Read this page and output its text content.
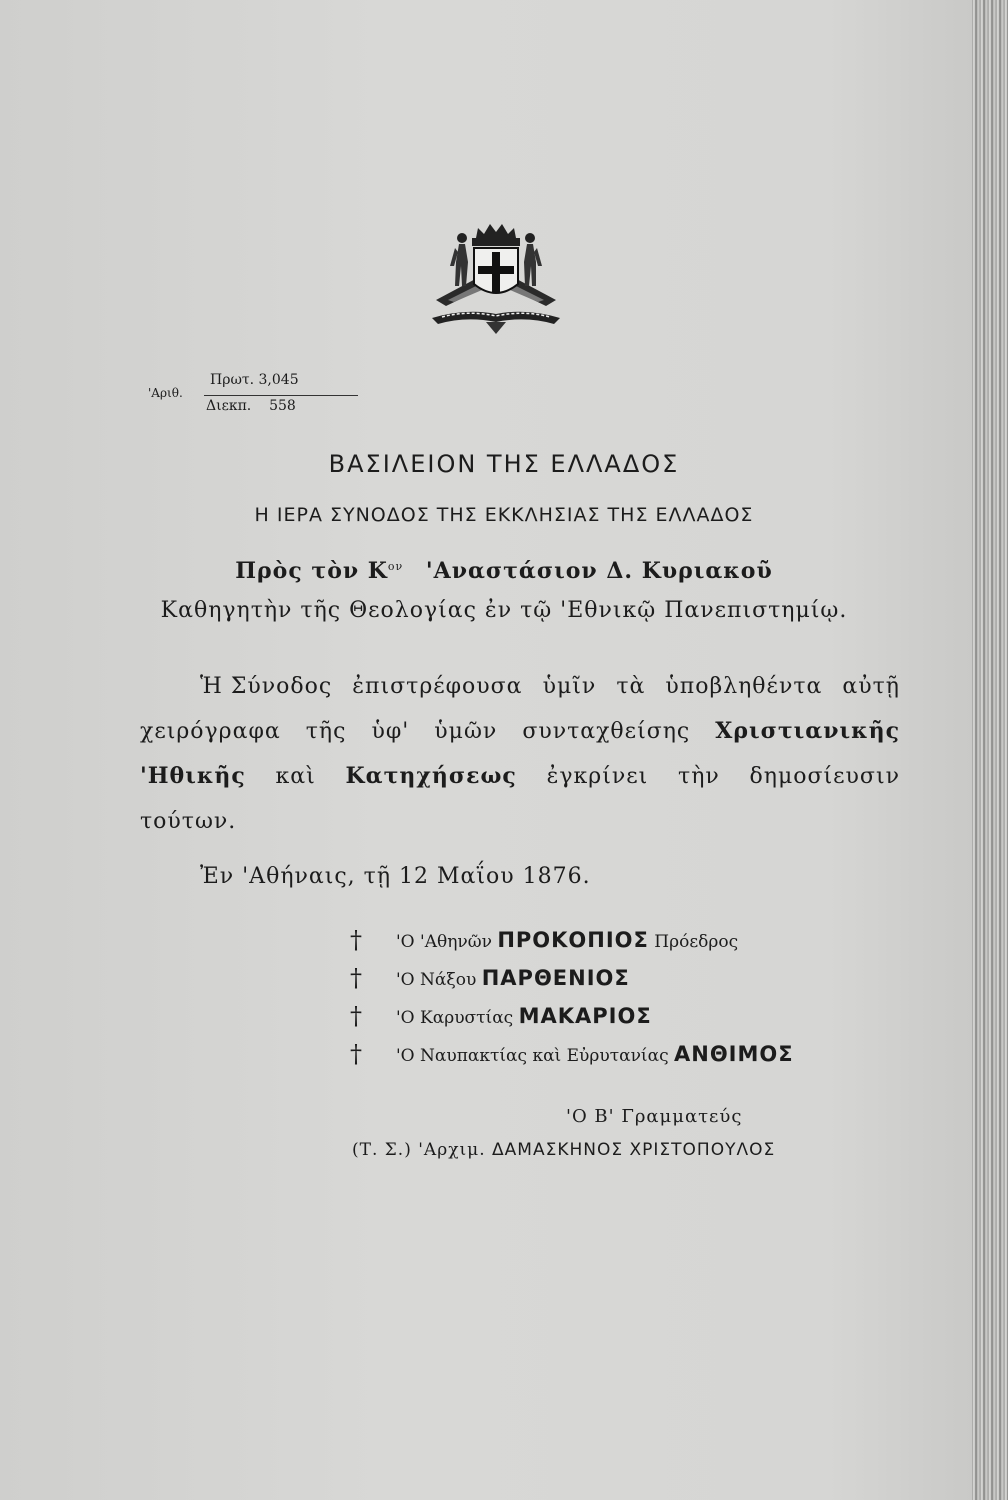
'Αριθ.
Πρωτ. 3,045
Διεκπ. 558
ΒΑΣΙΛΕΙΟΝ ΤΗΣ ΕΛΛΑΔΟΣ
Η ΙΕΡΑ ΣΥΝΟΔΟΣ ΤΗΣ ΕΚΚΛΗΣΙΑΣ ΤΗΣ ΕΛΛΑΔΟΣ
Πρὸς τὸν $K^{o\nu}$ 'Αναστάσιον Δ. Κυριακοῦ
Καθηγητὴν τῆς Θεολογίας ἐν τῷ 'Εθνικῷ Πανεπιστημίῳ.
Ἡ Σύνοδος ἐπιστρέφουσα ὑμῖν τὰ ὑποβληθέντα αὐτῇ
χειρόγραφα τῆς ὑφ' ὑμῶν συνταχθείσης Χριστιανικῆς
'Ηθικῆς καὶ Κατηχήσεως ἐγκρίνει τὴν δημοσίευσιν
τούτων.
Ἐν 'Αθήναις, τῇ 12 Μαΐου 1876.
† 'Ο 'Αθηνῶν ΠΡΟΚΟΠΙΟΣ Πρόεδρος
† 'Ο Νάξου ΠΑΡΘΕΝΙΟΣ
† 'Ο Καρυστίας ΜΑΚΑΡΙΟΣ
† 'Ο Ναυπακτίας καὶ Εὐρυτανίας ΑΝΘΙΜΟΣ
'Ο Β' Γραμματεύς
(Τ. Σ.) 'Αρχιμ. ΔΑΜΑΣΚΗΝΟΣ ΧΡΙΣΤΟΠΟΥΛΟΣ
